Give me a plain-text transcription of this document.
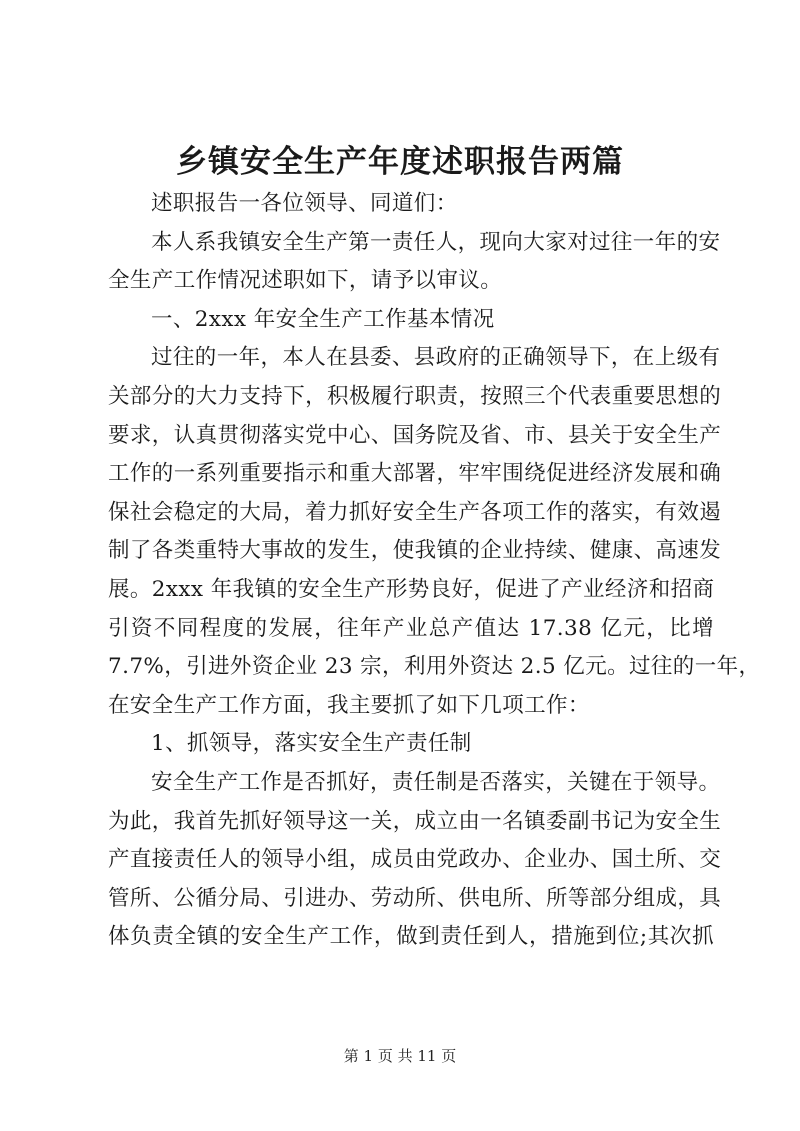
乡镇安全生产年度述职报告两篇
述职报告一各位领导、同道们：
本人系我镇安全生产第一责任人，现向大家对过往一年的安
全生产工作情况述职如下，请予以审议。
一、2xxx 年安全生产工作基本情况
过往的一年，本人在县委、县政府的正确领导下，在上级有
关部分的大力支持下，积极履行职责，按照三个代表重要思想的
要求，认真贯彻落实党中心、国务院及省、市、县关于安全生产
工作的一系列重要指示和重大部署，牢牢围绕促进经济发展和确
保社会稳定的大局，着力抓好安全生产各项工作的落实，有效遏
制了各类重特大事故的发生，使我镇的企业持续、健康、高速发
展。2xxx 年我镇的安全生产形势良好，促进了产业经济和招商
引资不同程度的发展，往年产业总产值达 17.38 亿元，比增
7.7%，引进外资企业 23 宗，利用外资达 2.5 亿元。过往的一年，
在安全生产工作方面，我主要抓了如下几项工作：
1、抓领导，落实安全生产责任制
安全生产工作是否抓好，责任制是否落实，关键在于领导。
为此，我首先抓好领导这一关，成立由一名镇委副书记为安全生
产直接责任人的领导小组，成员由党政办、企业办、国土所、交
管所、公循分局、引进办、劳动所、供电所、所等部分组成，具
体负责全镇的安全生产工作，做到责任到人，措施到位;其次抓
第 1 页 共 11 页
